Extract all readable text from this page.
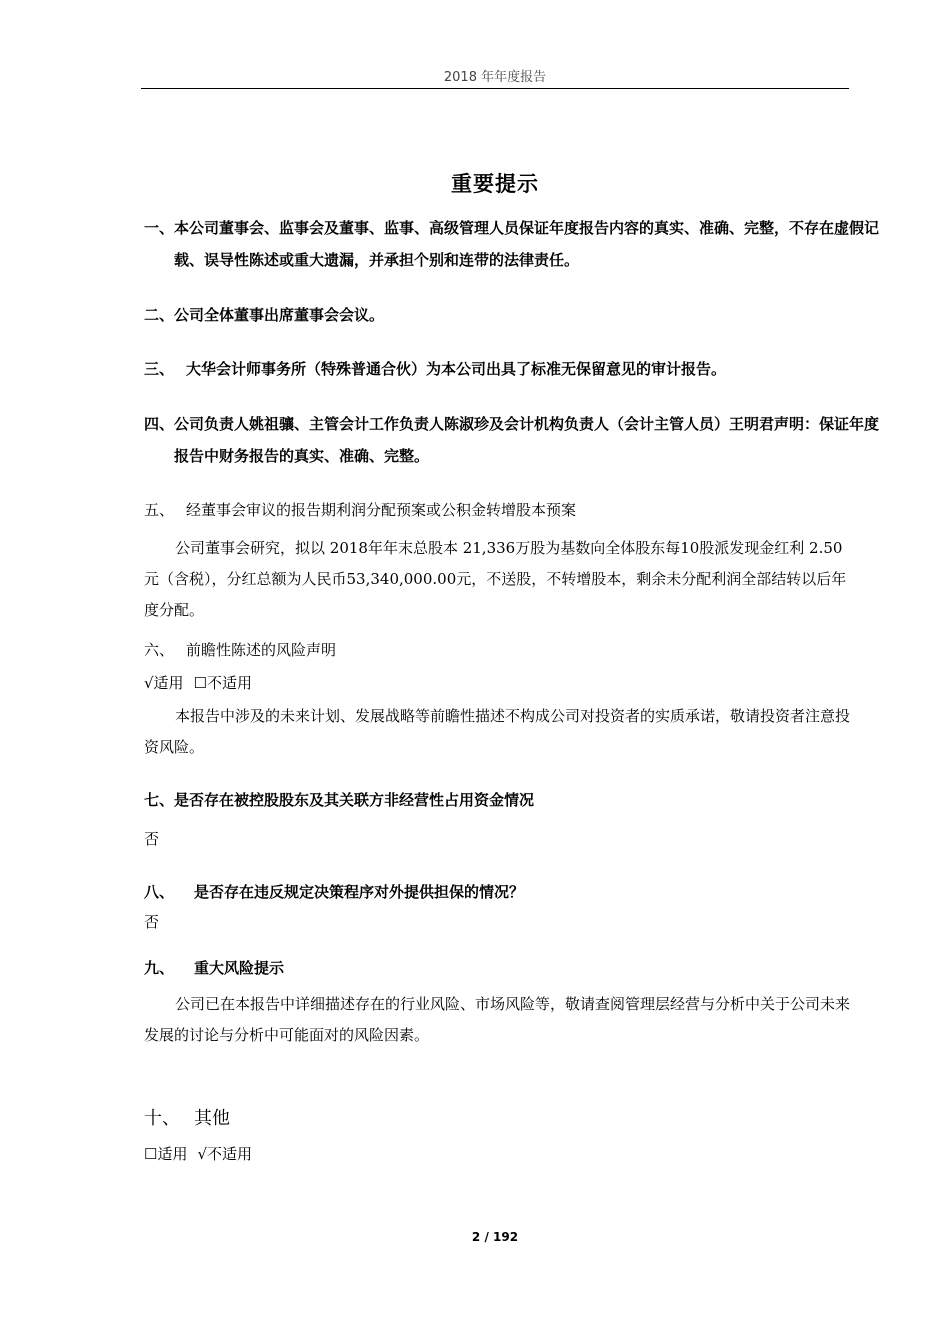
2018 年年度报告
重要提示
一、本公司董事会、监事会及董事、监事、高级管理人员保证年度报告内容的真实、准确、完整，不存在虚假记载、误导性陈述或重大遗漏，并承担个别和连带的法律责任。
二、公司全体董事出席董事会会议。
三、 大华会计师事务所（特殊普通合伙）为本公司出具了标准无保留意见的审计报告。
四、公司负责人姚祖骧、主管会计工作负责人陈淑珍及会计机构负责人（会计主管人员）王明君声明：保证年度报告中财务报告的真实、准确、完整。
五、 经董事会审议的报告期利润分配预案或公积金转增股本预案
公司董事会研究，拟以 2018年年末总股本 21,336万股为基数向全体股东每10股派发现金红利 2.50元（含税），分红总额为人民币53,340,000.00元，不送股，不转增股本，剩余未分配利润全部结转以后年度分配。
六、 前瞻性陈述的风险声明
√适用 ☐不适用
本报告中涉及的未来计划、发展战略等前瞻性描述不构成公司对投资者的实质承诺，敬请投资者注意投资风险。
七、是否存在被控股股东及其关联方非经营性占用资金情况
否
八、 是否存在违反规定决策程序对外提供担保的情况？
否
九、 重大风险提示
公司已在本报告中详细描述存在的行业风险、市场风险等，敬请查阅管理层经营与分析中关于公司未来发展的讨论与分析中可能面对的风险因素。
十、 其他
☐适用 √不适用
2 / 192
